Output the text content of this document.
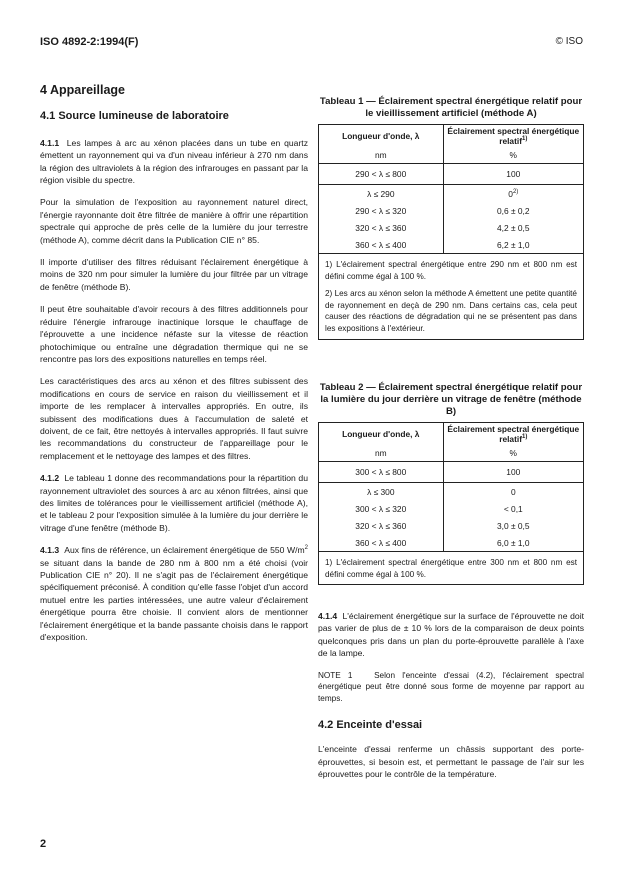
ISO 4892-2:1994(F)	© ISO
4 Appareillage
4.1 Source lumineuse de laboratoire

4.1.1 Les lampes à arc au xénon placées dans un tube en quartz émettent un rayonnement qui va d'un niveau inférieur à 270 nm dans la région des ultraviolets à la région des infrarouges en passant par la région visible du spectre.

Pour la simulation de l'exposition au rayonnement naturel direct, l'énergie rayonnante doit être filtrée de manière à offrir une répartition spectrale qui approche de près celle de la lumière du jour terrestre (méthode A), comme décrit dans la Publication CIE n° 85.

Il importe d'utiliser des filtres réduisant l'éclairement énergétique à moins de 320 nm pour simuler la lumière du jour filtrée par un vitrage de fenêtre (méthode B).

Il peut être souhaitable d'avoir recours à des filtres additionnels pour réduire l'énergie infrarouge inactinique lorsque le chauffage de l'éprouvette a une incidence néfaste sur la vitesse de réaction photochimique ou entraîne une dégradation thermique qui ne se rencontre pas lors des expositions naturelles en temps réel.

Les caractéristiques des arcs au xénon et des filtres subissent des modifications en cours de service en raison du vieillissement et il importe de les remplacer à intervalles appropriés. En outre, ils subissent des modifications dues à l'accumulation de saleté et doivent, de ce fait, être nettoyés à intervalles appropriés. Il faut suivre les recommandations du constructeur de l'appareillage pour le remplacement et le nettoyage des lampes et des filtres.

4.1.2 Le tableau 1 donne des recommandations pour la répartition du rayonnement ultraviolet des sources à arc au xénon filtrées, ainsi que des limites de tolérances pour le vieillissement artificiel (méthode A), et le tableau 2 pour l'exposition simulée à la lumière du jour derrière le vitrage d'une fenêtre (méthode B).

4.1.3 Aux fins de référence, un éclairement énergétique de 550 $W/m^2$ se situant dans la bande de 280 nm à 800 nm a été choisi (voir Publication CIE n° 20). Il ne s'agit pas de l'éclairement énergétique spécifiquement préconisé. À condition qu'elle fasse l'objet d'un accord mutuel entre les parties intéressées, une autre valeur d'éclairement énergétique pourra être choisie. Il convient alors de mentionner l'éclairement énergétique et la bande passante choisis dans le rapport d'exposition.

Tableau 1 — Éclairement spectral énergétique relatif pour le vieillissement artificiel (méthode A)
Longueur d'onde, λ	Éclairement spectral énergétique relatif$^{1)}$
nm	%
290 < λ ≤ 800	100
λ ≤ 290	0$^{2)}$
290 < λ ≤ 320	0,6 ± 0,2
320 < λ ≤ 360	4,2 ± 0,5
360 < λ ≤ 400	6,2 ± 1,0
1) L'éclairement spectral énergétique entre 290 nm et 800 nm est défini comme égal à 100 %.
2) Les arcs au xénon selon la méthode A émettent une petite quantité de rayonnement en deçà de 290 nm. Dans certains cas, cela peut causer des réactions de dégradation qui ne se présentent pas dans les expositions à l'extérieur.
Tableau 2 — Éclairement spectral énergétique relatif pour la lumière du jour derrière un vitrage de fenêtre (méthode B)
Longueur d'onde, λ	Éclairement spectral énergétique relatif$^{1)}$
nm	%
300 < λ ≤ 800	100
λ ≤ 300	0
300 < λ ≤ 320	< 0,1
320 < λ ≤ 360	3,0 ± 0,5
360 < λ ≤ 400	6,0 ± 1,0
1) L'éclairement spectral énergétique entre 300 nm et 800 nm est défini comme égal à 100 %.

4.1.4 L'éclairement énergétique sur la surface de l'éprouvette ne doit pas varier de plus de ± 10 % lors de la comparaison de deux points quelconques pris dans un plan du porte-éprouvette parallèle à l'axe de la lampe.

NOTE 1	Selon l'enceinte d'essai (4.2), l'éclairement spectral énergétique peut être donné sous forme de moyenne par rapport au temps.

4.2 Enceinte d'essai

L'enceinte d'essai renferme un châssis supportant des porte-éprouvettes, si besoin est, et permettant le passage de l'air sur les éprouvettes pour le contrôle de la température.

2
